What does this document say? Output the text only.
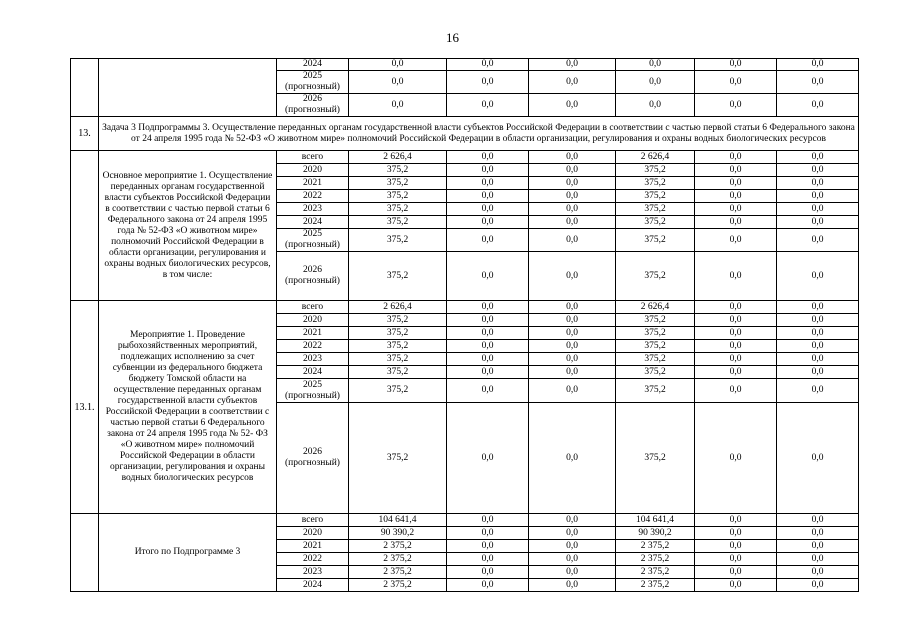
16
		2024	0,0	0,0	0,0	0,0	0,0	0,0
		2025
(прогнозный)	0,0	0,0	0,0	0,0	0,0	0,0
		2026
(прогнозный)	0,0	0,0	0,0	0,0	0,0	0,0
13.	Задача 3 Подпрограммы 3. Осуществление переданных органам государственной власти субъектов Российской Федерации в соответствии с частью первой статьи 6 Федерального закона от 24 апреля 1995 года № 52-ФЗ «О животном мире» полномочий Российской Федерации в области организации, регулирования и охраны водных биологических ресурсов							
	Основное мероприятие 1. Осуществление переданных органам государственной власти субъектов Российской Федерации в соответствии с частью первой статьи 6 Федерального закона от 24 апреля 1995 года № 52-ФЗ «О животном мире» полномочий Российской Федерации в области организации, регулирования и охраны водных биологических ресурсов, в том числе:	всего	2 626,4	0,0	0,0	2 626,4	0,0	0,0
		2020	375,2	0,0	0,0	375,2	0,0	0,0
		2021	375,2	0,0	0,0	375,2	0,0	0,0
		2022	375,2	0,0	0,0	375,2	0,0	0,0
		2023	375,2	0,0	0,0	375,2	0,0	0,0
		2024	375,2	0,0	0,0	375,2	0,0	0,0
		2025
(прогнозный)	375,2	0,0	0,0	375,2	0,0	0,0
		2026
(прогнозный)	375,2	0,0	0,0	375,2	0,0	0,0
13.1.	Мероприятие 1. Проведение рыбохозяйственных мероприятий, подлежащих исполнению за счет субвенции из федерального бюджета бюджету Томской области на осуществление переданных органам государственной власти субъектов Российской Федерации в соответствии с частью первой статьи 6 Федерального закона от 24 апреля 1995 года № 52- ФЗ «О животном мире» полномочий Российской Федерации в области организации, регулирования и охраны водных биологических ресурсов	всего	2 626,4	0,0	0,0	2 626,4	0,0	0,0
		2020	375,2	0,0	0,0	375,2	0,0	0,0
		2021	375,2	0,0	0,0	375,2	0,0	0,0
		2022	375,2	0,0	0,0	375,2	0,0	0,0
		2023	375,2	0,0	0,0	375,2	0,0	0,0
		2024	375,2	0,0	0,0	375,2	0,0	0,0
		2025
(прогнозный)	375,2	0,0	0,0	375,2	0,0	0,0
		2026
(прогнозный)	375,2	0,0	0,0	375,2	0,0	0,0
	Итого по Подпрограмме 3	всего	104 641,4	0,0	0,0	104 641,4	0,0	0,0
		2020	90 390,2	0,0	0,0	90 390,2	0,0	0,0
		2021	2 375,2	0,0	0,0	2 375,2	0,0	0,0
		2022	2 375,2	0,0	0,0	2 375,2	0,0	0,0
		2023	2 375,2	0,0	0,0	2 375,2	0,0	0,0
		2024	2 375,2	0,0	0,0	2 375,2	0,0	0,0
